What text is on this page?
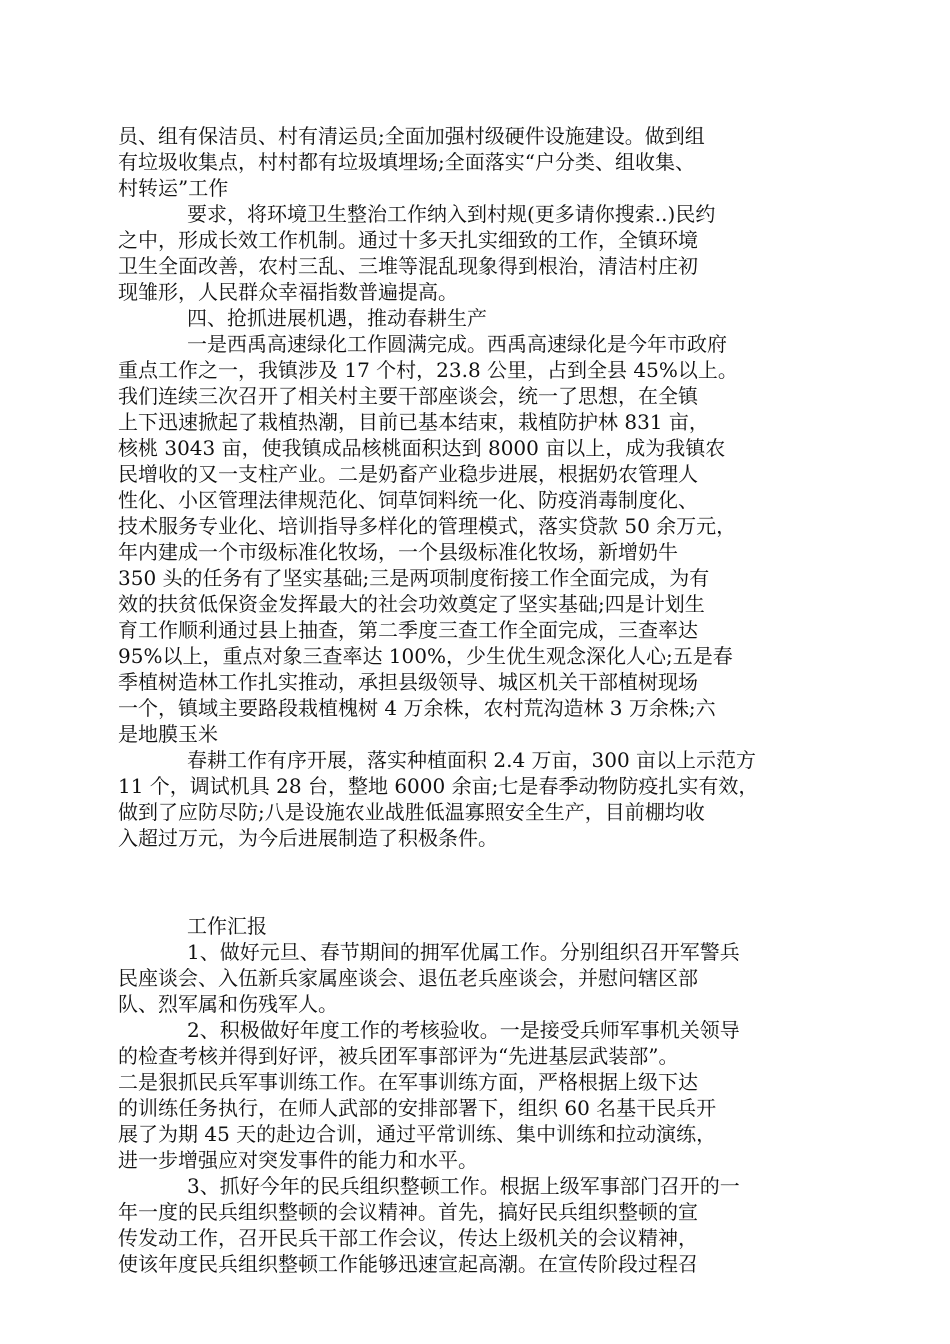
员、组有保洁员、村有清运员;全面加强村级硬件设施建设。做到组
有垃圾收集点，村村都有垃圾填埋场;全面落实“户分类、组收集、
村转运”工作
要求，将环境卫生整治工作纳入到村规(更多请你搜索..)民约
之中，形成长效工作机制。通过十多天扎实细致的工作，全镇环境
卫生全面改善，农村三乱、三堆等混乱现象得到根治，清洁村庄初
现雏形，人民群众幸福指数普遍提高。
四、抢抓进展机遇，推动春耕生产
一是西禹高速绿化工作圆满完成。西禹高速绿化是今年市政府
重点工作之一，我镇涉及 17 个村，23.8 公里，占到全县 45%以上。
我们连续三次召开了相关村主要干部座谈会，统一了思想，在全镇
上下迅速掀起了栽植热潮，目前已基本结束，栽植防护林 831 亩，
核桃 3043 亩，使我镇成品核桃面积达到 8000 亩以上，成为我镇农
民增收的又一支柱产业。二是奶畜产业稳步进展，根据奶农管理人
性化、小区管理法律规范化、饲草饲料统一化、防疫消毒制度化、
技术服务专业化、培训指导多样化的管理模式，落实贷款 50 余万元，
年内建成一个市级标准化牧场，一个县级标准化牧场，新增奶牛
350 头的任务有了坚实基础;三是两项制度衔接工作全面完成，为有
效的扶贫低保资金发挥最大的社会功效奠定了坚实基础;四是计划生
育工作顺利通过县上抽查，第二季度三查工作全面完成，三查率达
95%以上，重点对象三查率达 100%，少生优生观念深化人心;五是春
季植树造林工作扎实推动，承担县级领导、城区机关干部植树现场
一个，镇域主要路段栽植槐树 4 万余株，农村荒沟造林 3 万余株;六
是地膜玉米
春耕工作有序开展，落实种植面积 2.4 万亩，300 亩以上示范方
11 个，调试机具 28 台，整地 6000 余亩;七是春季动物防疫扎实有效，
做到了应防尽防;八是设施农业战胜低温寡照安全生产，目前棚均收
入超过万元，为今后进展制造了积极条件。
工作汇报
1、做好元旦、春节期间的拥军优属工作。分别组织召开军警兵
民座谈会、入伍新兵家属座谈会、退伍老兵座谈会，并慰问辖区部
队、烈军属和伤残军人。
2、积极做好年度工作的考核验收。一是接受兵师军事机关领导
的检查考核并得到好评，被兵团军事部评为“先进基层武装部”。
二是狠抓民兵军事训练工作。在军事训练方面，严格根据上级下达
的训练任务执行，在师人武部的安排部署下，组织 60 名基干民兵开
展了为期 45 天的赴边合训，通过平常训练、集中训练和拉动演练，
进一步增强应对突发事件的能力和水平。
3、抓好今年的民兵组织整顿工作。根据上级军事部门召开的一
年一度的民兵组织整顿的会议精神。首先，搞好民兵组织整顿的宣
传发动工作，召开民兵干部工作会议，传达上级机关的会议精神，
使该年度民兵组织整顿工作能够迅速宣起高潮。在宣传阶段过程召
